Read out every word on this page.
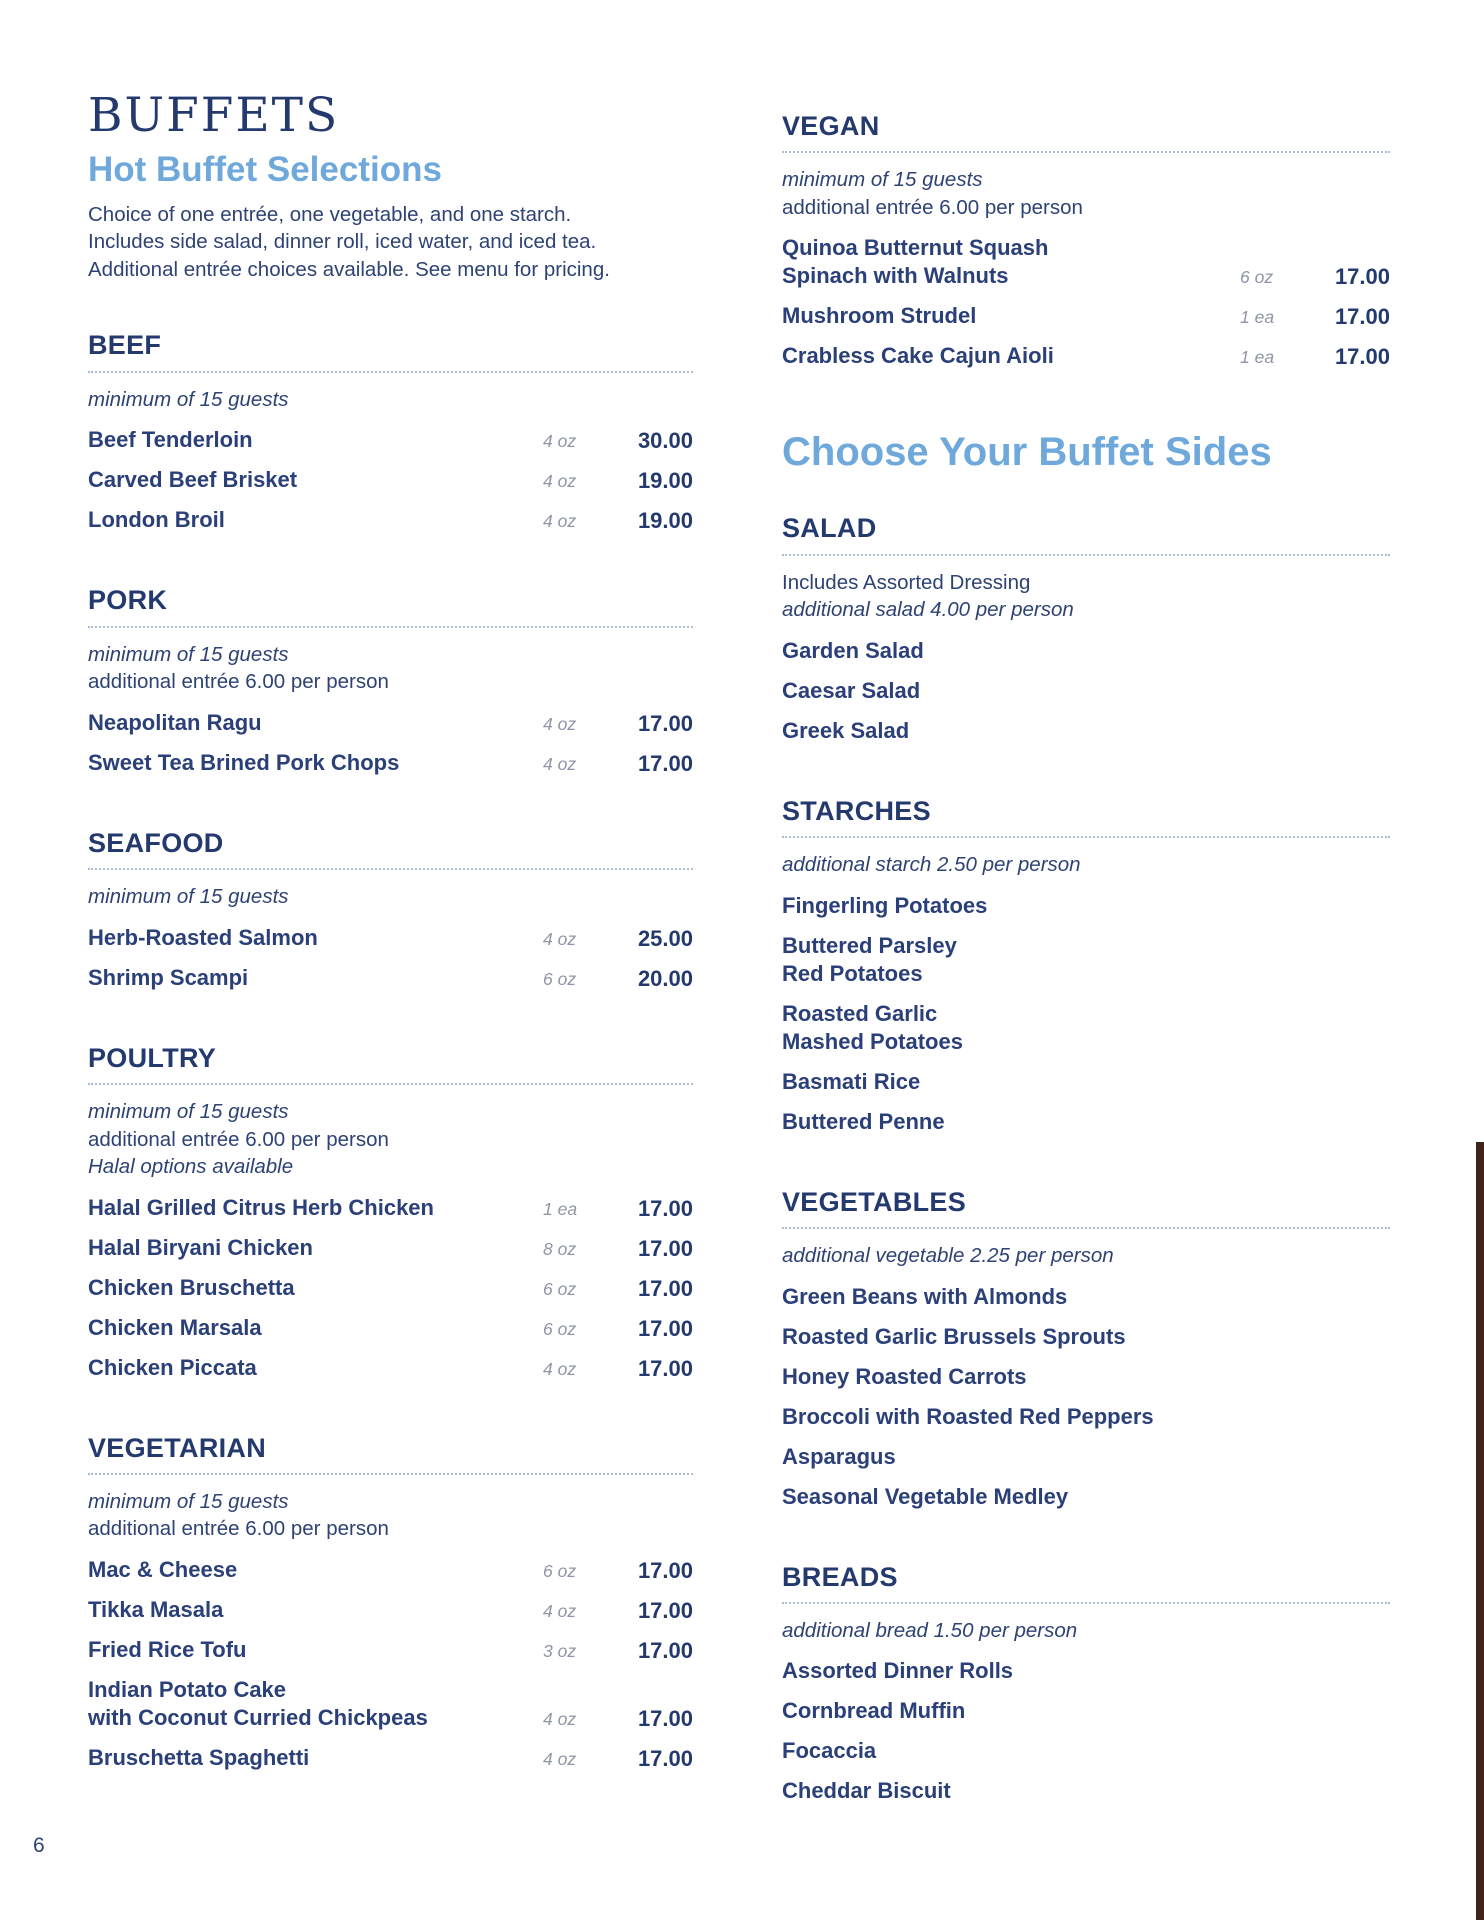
BUFFETS
Hot Buffet Selections
Choice of one entrée, one vegetable, and one starch.
Includes side salad, dinner roll, iced water, and iced tea.
Additional entrée choices available. See menu for pricing.
BEEF

minimum of 15 guests

Beef Tenderloin	4 oz	30.00
Carved Beef Brisket	4 oz	19.00
London Broil	4 oz	19.00
PORK

minimum of 15 guests

additional entrée 6.00 per person

Neapolitan Ragu	4 oz	17.00
Sweet Tea Brined Pork Chops	4 oz	17.00
SEAFOOD

minimum of 15 guests

Herb-Roasted Salmon	4 oz	25.00
Shrimp Scampi	6 oz	20.00
POULTRY

minimum of 15 guests

additional entrée 6.00 per person

Halal options available

Halal Grilled Citrus Herb Chicken	1 ea	17.00
Halal Biryani Chicken	8 oz	17.00
Chicken Bruschetta	6 oz	17.00
Chicken Marsala	6 oz	17.00
Chicken Piccata	4 oz	17.00
VEGETARIAN

minimum of 15 guests

additional entrée 6.00 per person

Mac & Cheese	6 oz	17.00
Tikka Masala	4 oz	17.00
Fried Rice Tofu	3 oz	17.00
Indian Potato Cake
with Coconut Curried Chickpeas	4 oz	17.00
Bruschetta Spaghetti	4 oz	17.00
VEGAN

minimum of 15 guests

additional entrée 6.00 per person

Quinoa Butternut Squash
Spinach with Walnuts	6 oz	17.00
Mushroom Strudel	1 ea	17.00
Crabless Cake Cajun Aioli	1 ea	17.00
Choose Your Buffet Sides
SALAD

Includes Assorted Dressing

additional salad 4.00 per person

Garden Salad
Caesar Salad
Greek Salad
STARCHES

additional starch 2.50 per person

Fingerling Potatoes
Buttered Parsley
Red Potatoes
Roasted Garlic
Mashed Potatoes
Basmati Rice
Buttered Penne
VEGETABLES

additional vegetable 2.25 per person

Green Beans with Almonds
Roasted Garlic Brussels Sprouts
Honey Roasted Carrots
Broccoli with Roasted Red Peppers
Asparagus
Seasonal Vegetable Medley
BREADS

additional bread 1.50 per person

Assorted Dinner Rolls
Cornbread Muffin
Focaccia
Cheddar Biscuit
6
